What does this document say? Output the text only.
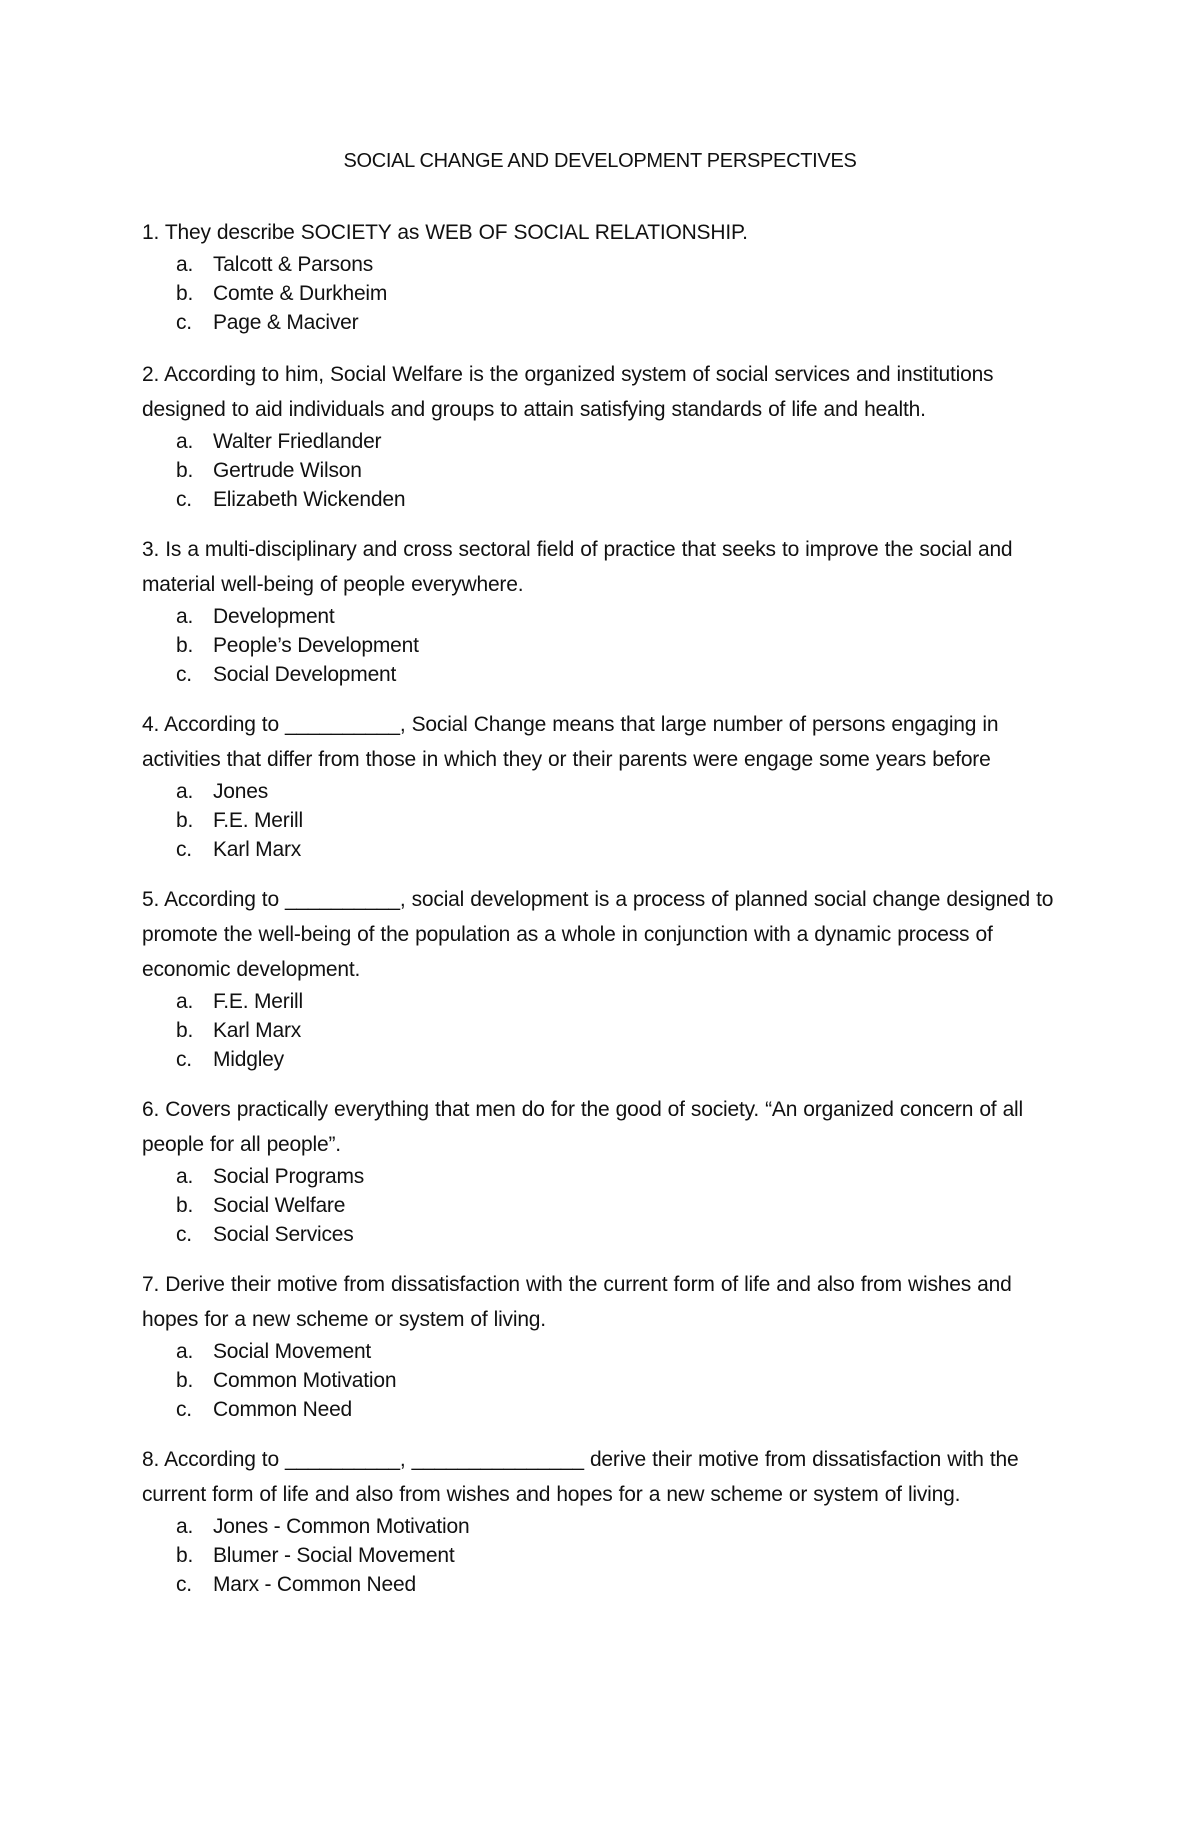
SOCIAL CHANGE AND DEVELOPMENT PERSPECTIVES
1. They describe SOCIETY as WEB OF SOCIAL RELATIONSHIP.
a. Talcott & Parsons
b. Comte & Durkheim
c. Page & Maciver
2. According to him, Social Welfare is the organized system of social services and institutions designed to aid individuals and groups to attain satisfying standards of life and health.
a. Walter Friedlander
b. Gertrude Wilson
c. Elizabeth Wickenden
3. Is a multi-disciplinary and cross sectoral field of practice that seeks to improve the social and material well-being of people everywhere.
a. Development
b. People’s Development
c. Social Development
4. According to __________, Social Change means that large number of persons engaging in activities that differ from those in which they or their parents were engage some years before
a. Jones
b. F.E. Merill
c. Karl Marx
5. According to __________, social development is a process of planned social change designed to promote the well-being of the population as a whole in conjunction with a dynamic process of economic development.
a. F.E. Merill
b. Karl Marx
c. Midgley
6. Covers practically everything that men do for the good of society. “An organized concern of all people for all people”.
a. Social Programs
b. Social Welfare
c. Social Services
7. Derive their motive from dissatisfaction with the current form of life and also from wishes and hopes for a new scheme or system of living.
a. Social Movement
b. Common Motivation
c. Common Need
8. According to __________, _______________ derive their motive from dissatisfaction with the current form of life and also from wishes and hopes for a new scheme or system of living.
a. Jones - Common Motivation
b. Blumer - Social Movement
c. Marx - Common Need
